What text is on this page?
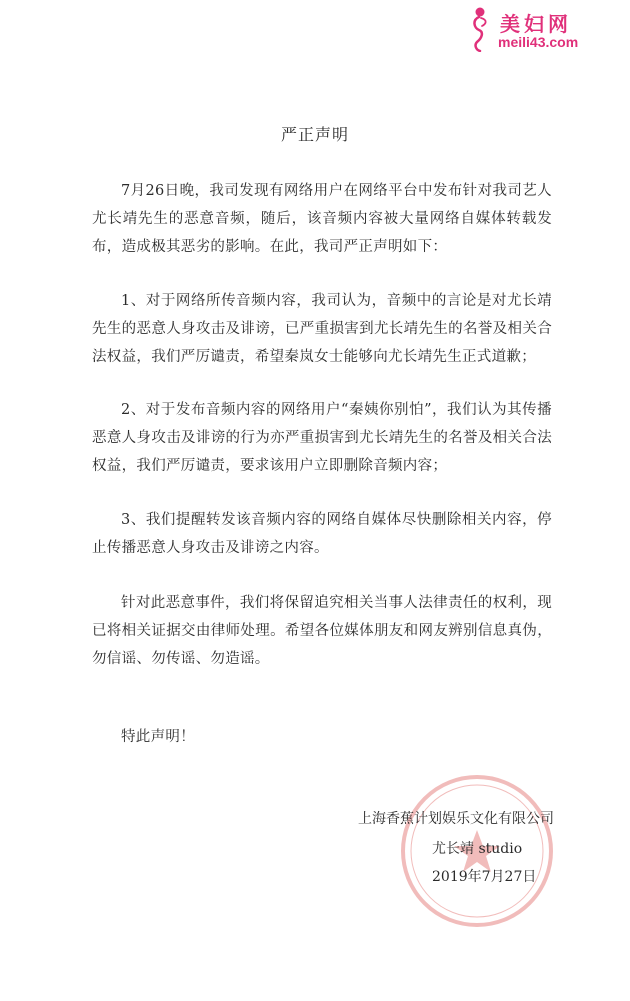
美妇网
meili43.com
严正声明

7月26日晚，我司发现有网络用户在网络平台中发布针对我司艺人尤长靖先生的恶意音频，随后，该音频内容被大量网络自媒体转载发布，造成极其恶劣的影响。在此，我司严正声明如下：

1、对于网络所传音频内容，我司认为，音频中的言论是对尤长靖先生的恶意人身攻击及诽谤，已严重损害到尤长靖先生的名誉及相关合法权益，我们严厉谴责，希望秦岚女士能够向尤长靖先生正式道歉；

2、对于发布音频内容的网络用户“秦姨你别怕”，我们认为其传播恶意人身攻击及诽谤的行为亦严重损害到尤长靖先生的名誉及相关合法权益，我们严厉谴责，要求该用户立即删除音频内容；

3、我们提醒转发该音频内容的网络自媒体尽快删除相关内容，停止传播恶意人身攻击及诽谤之内容。

针对此恶意事件，我们将保留追究相关当事人法律责任的权利，现已将相关证据交由律师处理。希望各位媒体朋友和网友辨别信息真伪，勿信谣、勿传谣、勿造谣。

特此声明！

上海香蕉计划娱乐文化有限公司
尤长靖 studio
2019年7月27日
